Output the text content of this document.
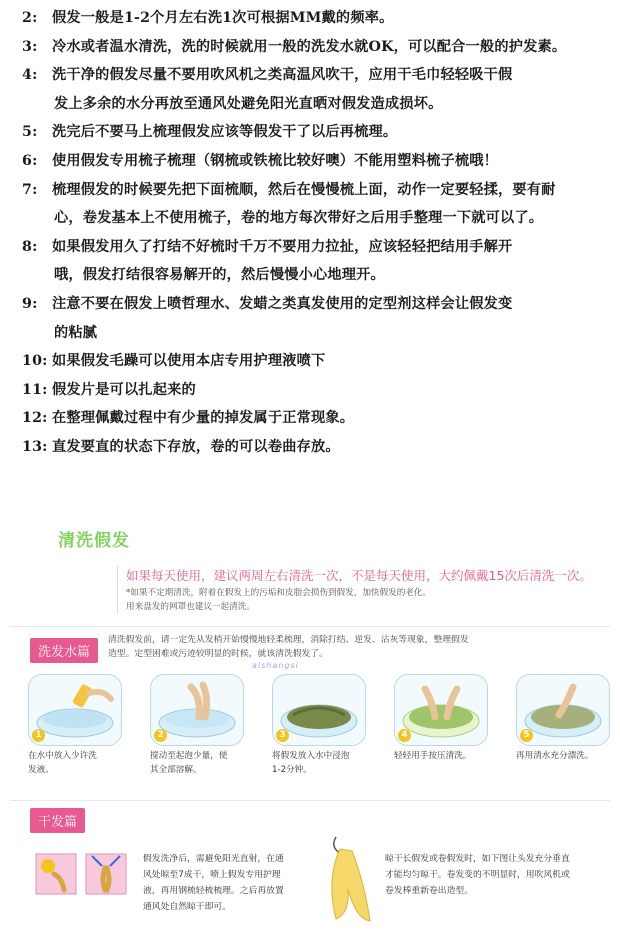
2: 假发一般是1-2个月左右洗1次可根据MM戴的频率。
3: 冷水或者温水清洗，洗的时候就用一般的洗发水就OK，可以配合一般的护发素。
4: 洗干净的假发尽量不要用吹风机之类高温风吹干，应用干毛巾轻轻吸干假
发上多余的水分再放至通风处避免阳光直晒对假发造成损坏。
5: 洗完后不要马上梳理假发应该等假发干了以后再梳理。
6: 使用假发专用梳子梳理（钢梳或铁梳比较好噢）不能用塑料梳子梳哦！
7: 梳理假发的时候要先把下面梳顺，然后在慢慢梳上面，动作一定要轻揉，要有耐
心，卷发基本上不使用梳子，卷的地方每次带好之后用手整理一下就可以了。
8: 如果假发用久了打结不好梳时千万不要用力拉扯，应该轻轻把结用手解开
哦，假发打结很容易解开的，然后慢慢小心地理开。
9: 注意不要在假发上喷哲理水、发蜡之类真发使用的定型剂这样会让假发变
的粘腻
10: 如果假发毛躁可以使用本店专用护理液喷下
11: 假发片是可以扎起来的
12: 在整理佩戴过程中有少量的掉发属于正常现象。
13: 直发要直的状态下存放，卷的可以卷曲存放。
清洗假发
如果每天使用，建议两周左右清洗一次，不是每天使用，大约佩戴15次后清洗一次。
*如果不定期清洗，附着在假发上的污垢和皮脂会损伤到假发，加快假发的老化。
用来盘发的网罩也建议一起清洗。
洗发水篇
清洗假发前，请一定先从发梢开始慢慢地轻柔梳理，消除打结、逆发、沾灰等现象，整理假发
造型。定型困难或污迹较明显的时候，就该清洗假发了。
aishangsi
1
在水中放入少许洗
发液。
2
搅动至起泡少量，使
其全部溶解。
3
将假发放入水中浸泡
1-2分钟。
4
轻轻用手按压清洗。
5
再用清水充分漂洗。
干发篇
假发洗净后，需避免阳光直射，在通
风处晾至7成干，喷上假发专用护理
液，再用钢梳轻梳梳理。之后再放置
通风处自然晾干即可。
晾干长假发或卷假发时，如下图让头发充分垂直
才能均匀晾干。卷发变的不明显时，用吹风机或
卷发棒重新卷出造型。
